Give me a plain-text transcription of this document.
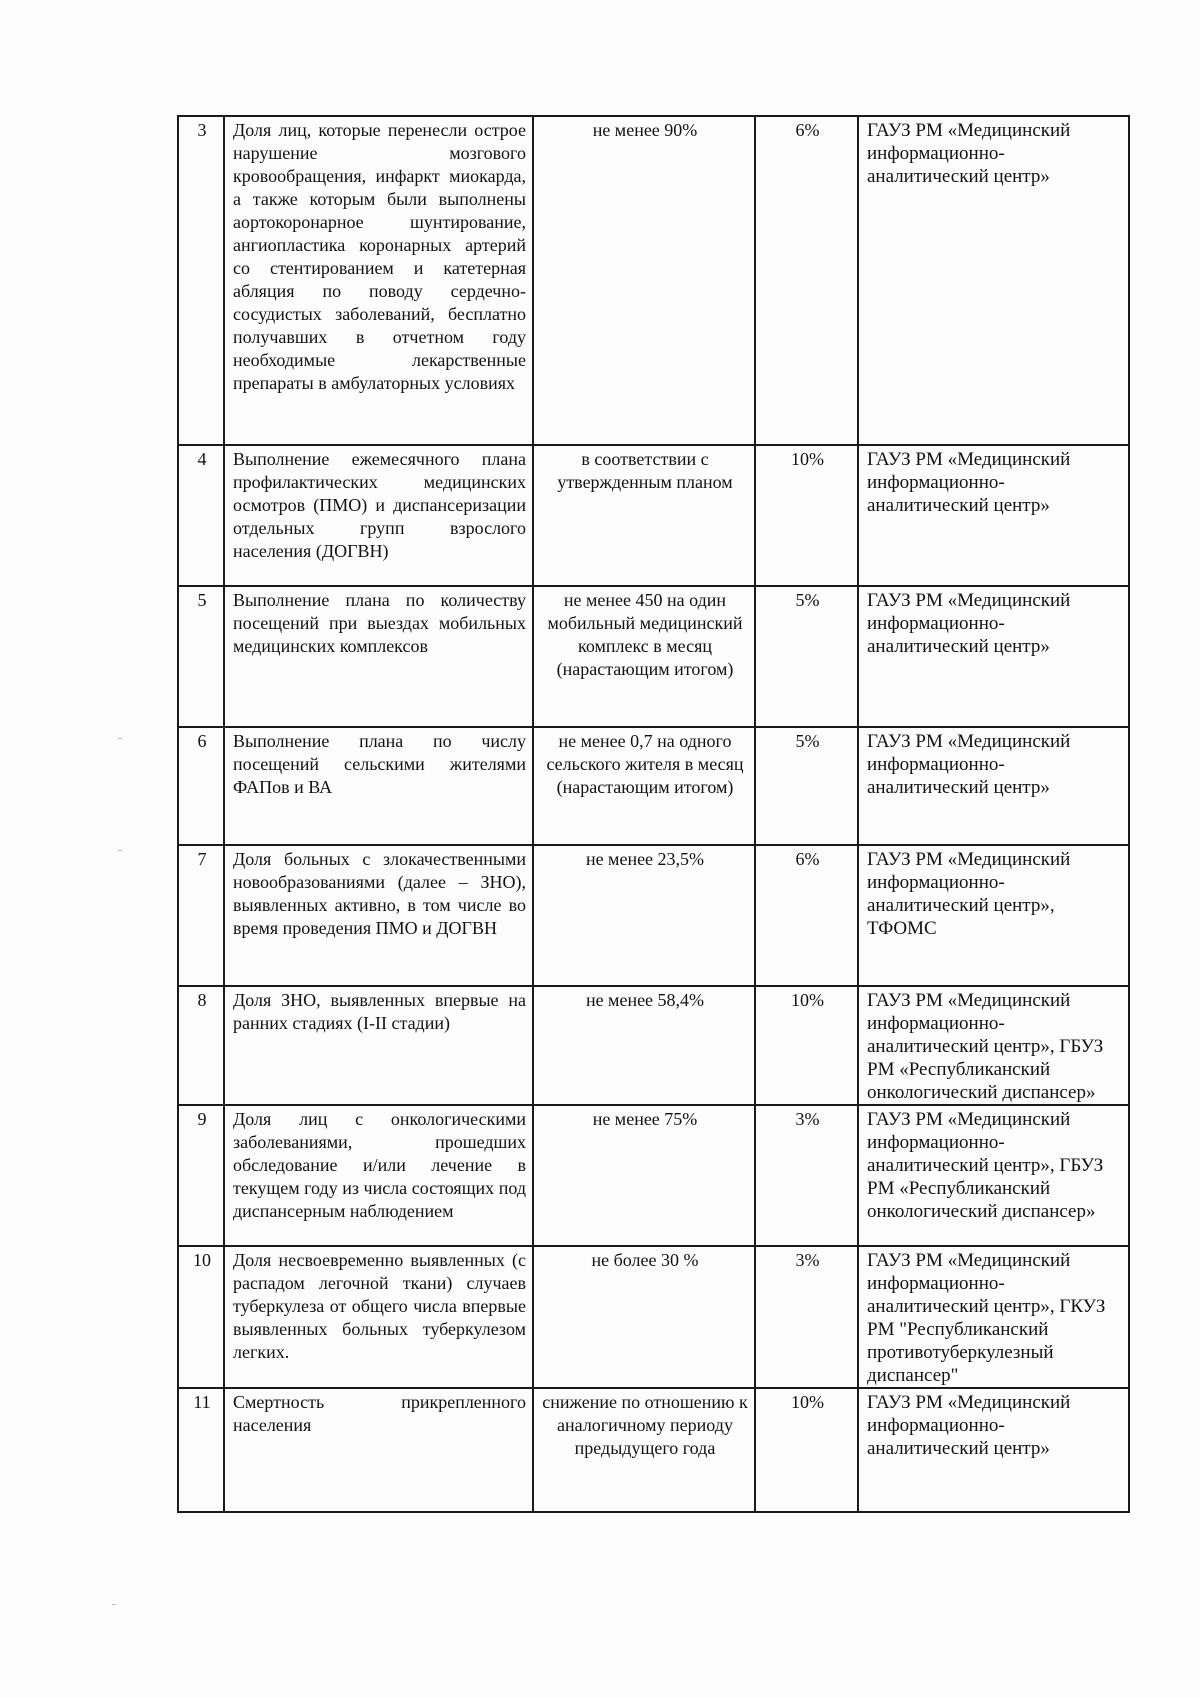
3	Доля лиц, которые перенесли острое нарушение мозгового кровообращения, инфаркт миокарда, а также которым были выполнены аортокоронарное шунтирование, ангиопластика коронарных артерий со стентированием и катетерная абляция по поводу сердечно-сосудистых заболеваний, бесплатно получавших в отчетном году необходимые лекарственные препараты в амбулаторных условиях	не менее 90%	6%	ГАУЗ РМ «Медицинский информационно-аналитический центр»

4	Выполнение ежемесячного плана профилактических медицинских осмотров (ПМО) и диспансеризации отдельных групп взрослого населения (ДОГВН)	в соответствии с утвержденным планом	10%	ГАУЗ РМ «Медицинский информационно-аналитический центр»

5	Выполнение плана по количеству посещений при выездах мобильных медицинских комплексов	не менее 450 на один мобильный медицинский комплекс в месяц (нарастающим итогом)	5%	ГАУЗ РМ «Медицинский информационно-аналитический центр»

6	Выполнение плана по числу посещений сельскими жителями ФАПов и ВА	не менее 0,7 на одного сельского жителя в месяц (нарастающим итогом)	5%	ГАУЗ РМ «Медицинский информационно-аналитический центр»

7	Доля больных с злокачественными новообразованиями (далее – ЗНО), выявленных активно, в том числе во время проведения ПМО и ДОГВН	не менее 23,5%	6%	ГАУЗ РМ «Медицинский информационно-аналитический центр», ТФОМС

8	Доля ЗНО, выявленных впервые на ранних стадиях (I-II стадии)	не менее 58,4%	10%	ГАУЗ РМ «Медицинский информационно-аналитический центр», ГБУЗ РМ «Республиканский онкологический диспансер»

9	Доля лиц с онкологическими заболеваниями, прошедших обследование и/или лечение в текущем году из числа состоящих под диспансерным наблюдением	не менее 75%	3%	ГАУЗ РМ «Медицинский информационно-аналитический центр», ГБУЗ РМ «Республиканский онкологический диспансер»

10	Доля несвоевременно выявленных (с распадом легочной ткани) случаев туберкулеза от общего числа впервые выявленных больных туберкулезом легких.	не более 30 %	3%	ГАУЗ РМ «Медицинский информационно-аналитический центр», ГКУЗ РМ "Республиканский противотуберкулезный диспансер"

11	Смертность прикрепленного населения	снижение по отношению к аналогичному периоду предыдущего года	10%	ГАУЗ РМ «Медицинский информационно-аналитический центр»
